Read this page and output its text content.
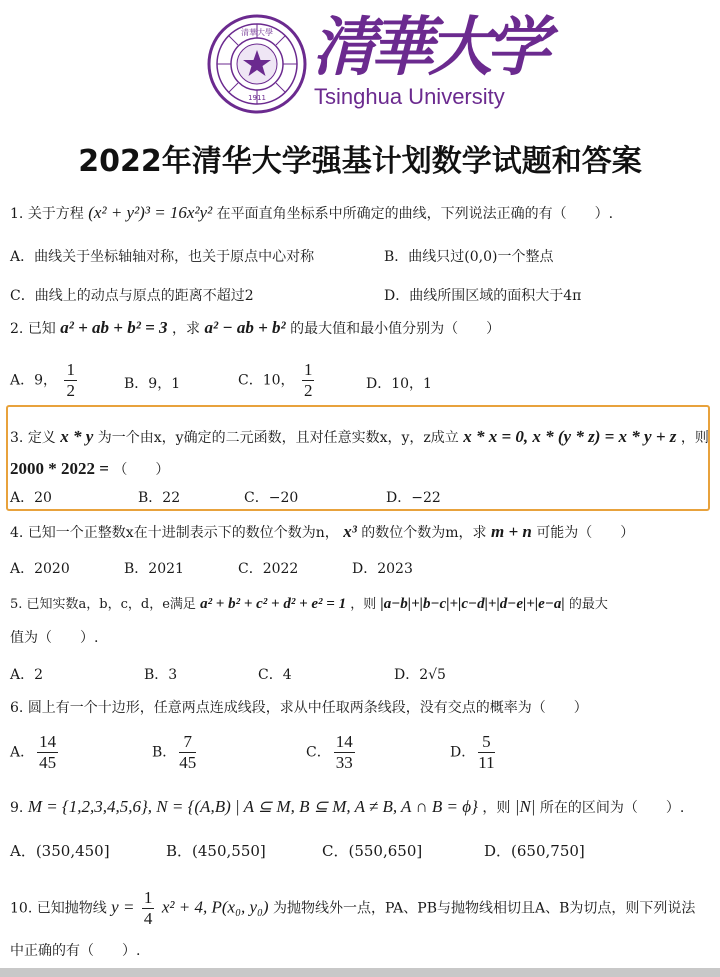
清華大學
1911
清華大学
Tsinghua University
2022年清华大学强基计划数学试题和答案
1. 关于方程 (x² + y²)³ = 16x²y² 在平面直角坐标系中所确定的曲线，下列说法正确的有（　　）.
A．曲线关于坐标轴轴对称，也关于原点中心对称	B．曲线只过(0,0)一个整点
C．曲线上的动点与原点的距离不超过2	D．曲线所围区域的面积大于4π
2. 已知 a² + ab + b² = 3 ，求 a² − ab + b² 的最大值和最小值分别为（　　）
A．9， $\frac{1}{2}$	B．9，1	C．10， $\frac{1}{2}$	D．10，1
3. 定义 x * y 为一个由x，y确定的二元函数，且对任意实数x，y，z成立 x * x = 0, x * (y * z) = x * y + z ，则
2000 * 2022 = （　　）
A．20	B．22	C．−20	D．−22
4. 已知一个正整数x在十进制表示下的数位个数为n， x³ 的数位个数为m，求 m + n 可能为（　　）
A．2020	B．2021	C．2022	D．2023
5. 已知实数a，b，c，d，e满足 a² + b² + c² + d² + e² = 1 ，则 |a−b|+|b−c|+|c−d|+|d−e|+|e−a| 的最大
值为（　　）.
A．2	B．3	C．4	D．2√5
6. 圆上有一个十边形，任意两点连成线段，求从中任取两条线段，没有交点的概率为（　　）
A． $\frac{14}{45}$	B． $\frac{7}{45}$	C． $\frac{14}{33}$	D． $\frac{5}{11}$
9. M = {1,2,3,4,5,6}, N = {(A,B) | A ⊆ M, B ⊆ M, A ≠ B, A ∩ B = ϕ} ，则 |N| 所在的区间为（　　）.
A．(350,450]	B．(450,550]	C．(550,650]	D．(650,750]
10. 已知抛物线 $y = \frac{1}{4} x^2 + 4$, P(x₀, y₀) 为抛物线外一点，PA、PB与抛物线相切且A、B为切点，则下列说法
中正确的有（　　）.
